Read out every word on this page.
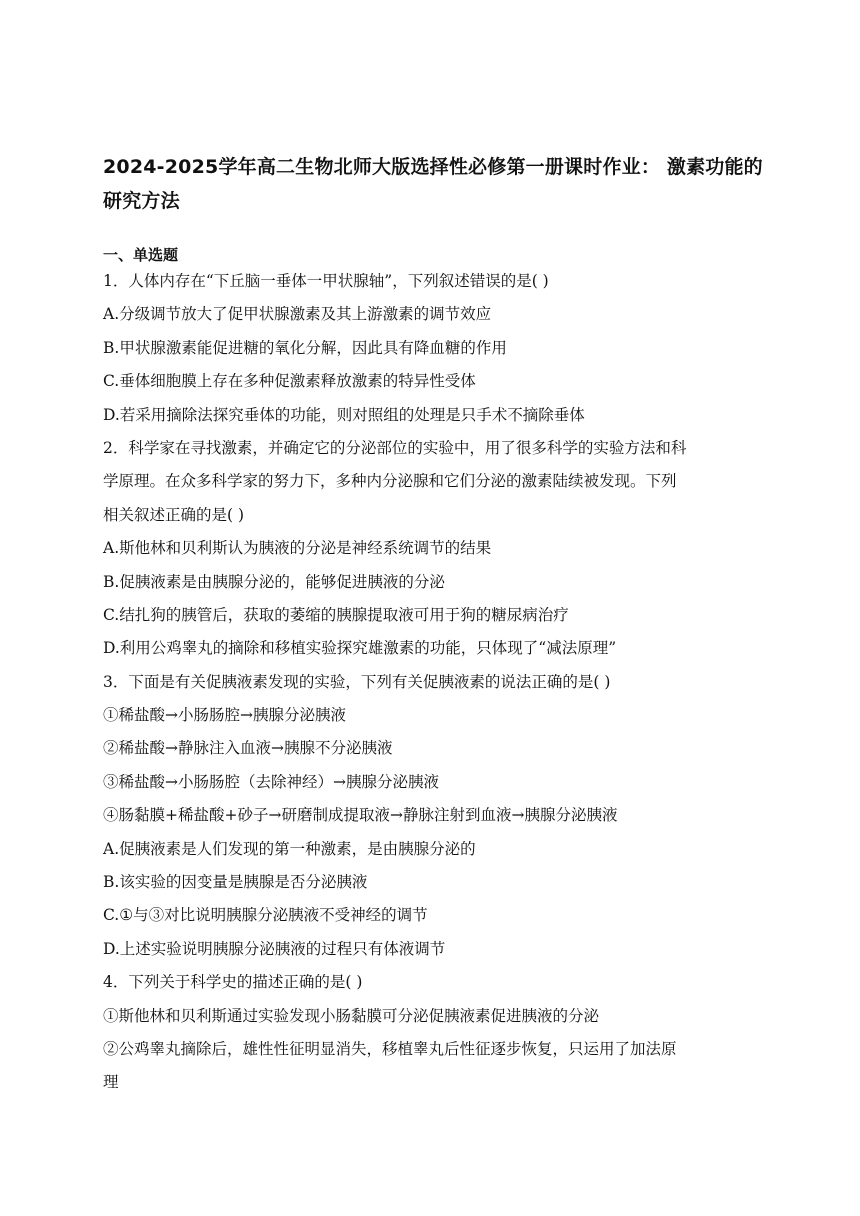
2024-2025学年高二生物北师大版选择性必修第一册课时作业： 激素功能的研究方法
一、单选题

1．人体内存在“下丘脑一垂体一甲状腺轴”，下列叙述错误的是( )

A.分级调节放大了促甲状腺激素及其上游激素的调节效应

B.甲状腺激素能促进糖的氧化分解，因此具有降血糖的作用

C.垂体细胞膜上存在多种促激素释放激素的特异性受体

D.若采用摘除法探究垂体的功能，则对照组的处理是只手术不摘除垂体

2．科学家在寻找激素，并确定它的分泌部位的实验中，用了很多科学的实验方法和科

学原理。在众多科学家的努力下，多种内分泌腺和它们分泌的激素陆续被发现。下列

相关叙述正确的是( )

A.斯他林和贝利斯认为胰液的分泌是神经系统调节的结果

B.促胰液素是由胰腺分泌的，能够促进胰液的分泌

C.结扎狗的胰管后，获取的萎缩的胰腺提取液可用于狗的糖尿病治疗

D.利用公鸡睾丸的摘除和移植实验探究雄激素的功能，只体现了“减法原理”

3．下面是有关促胰液素发现的实验，下列有关促胰液素的说法正确的是( )

①稀盐酸→小肠肠腔→胰腺分泌胰液

②稀盐酸→静脉注入血液→胰腺不分泌胰液

③稀盐酸→小肠肠腔（去除神经）→胰腺分泌胰液

④肠黏膜+稀盐酸+砂子→研磨制成提取液→静脉注射到血液→胰腺分泌胰液

A.促胰液素是人们发现的第一种激素，是由胰腺分泌的

B.该实验的因变量是胰腺是否分泌胰液

C.①与③对比说明胰腺分泌胰液不受神经的调节

D.上述实验说明胰腺分泌胰液的过程只有体液调节

4．下列关于科学史的描述正确的是( )

①斯他林和贝利斯通过实验发现小肠黏膜可分泌促胰液素促进胰液的分泌

②公鸡睾丸摘除后，雄性性征明显消失，移植睾丸后性征逐步恢复，只运用了加法原

理
